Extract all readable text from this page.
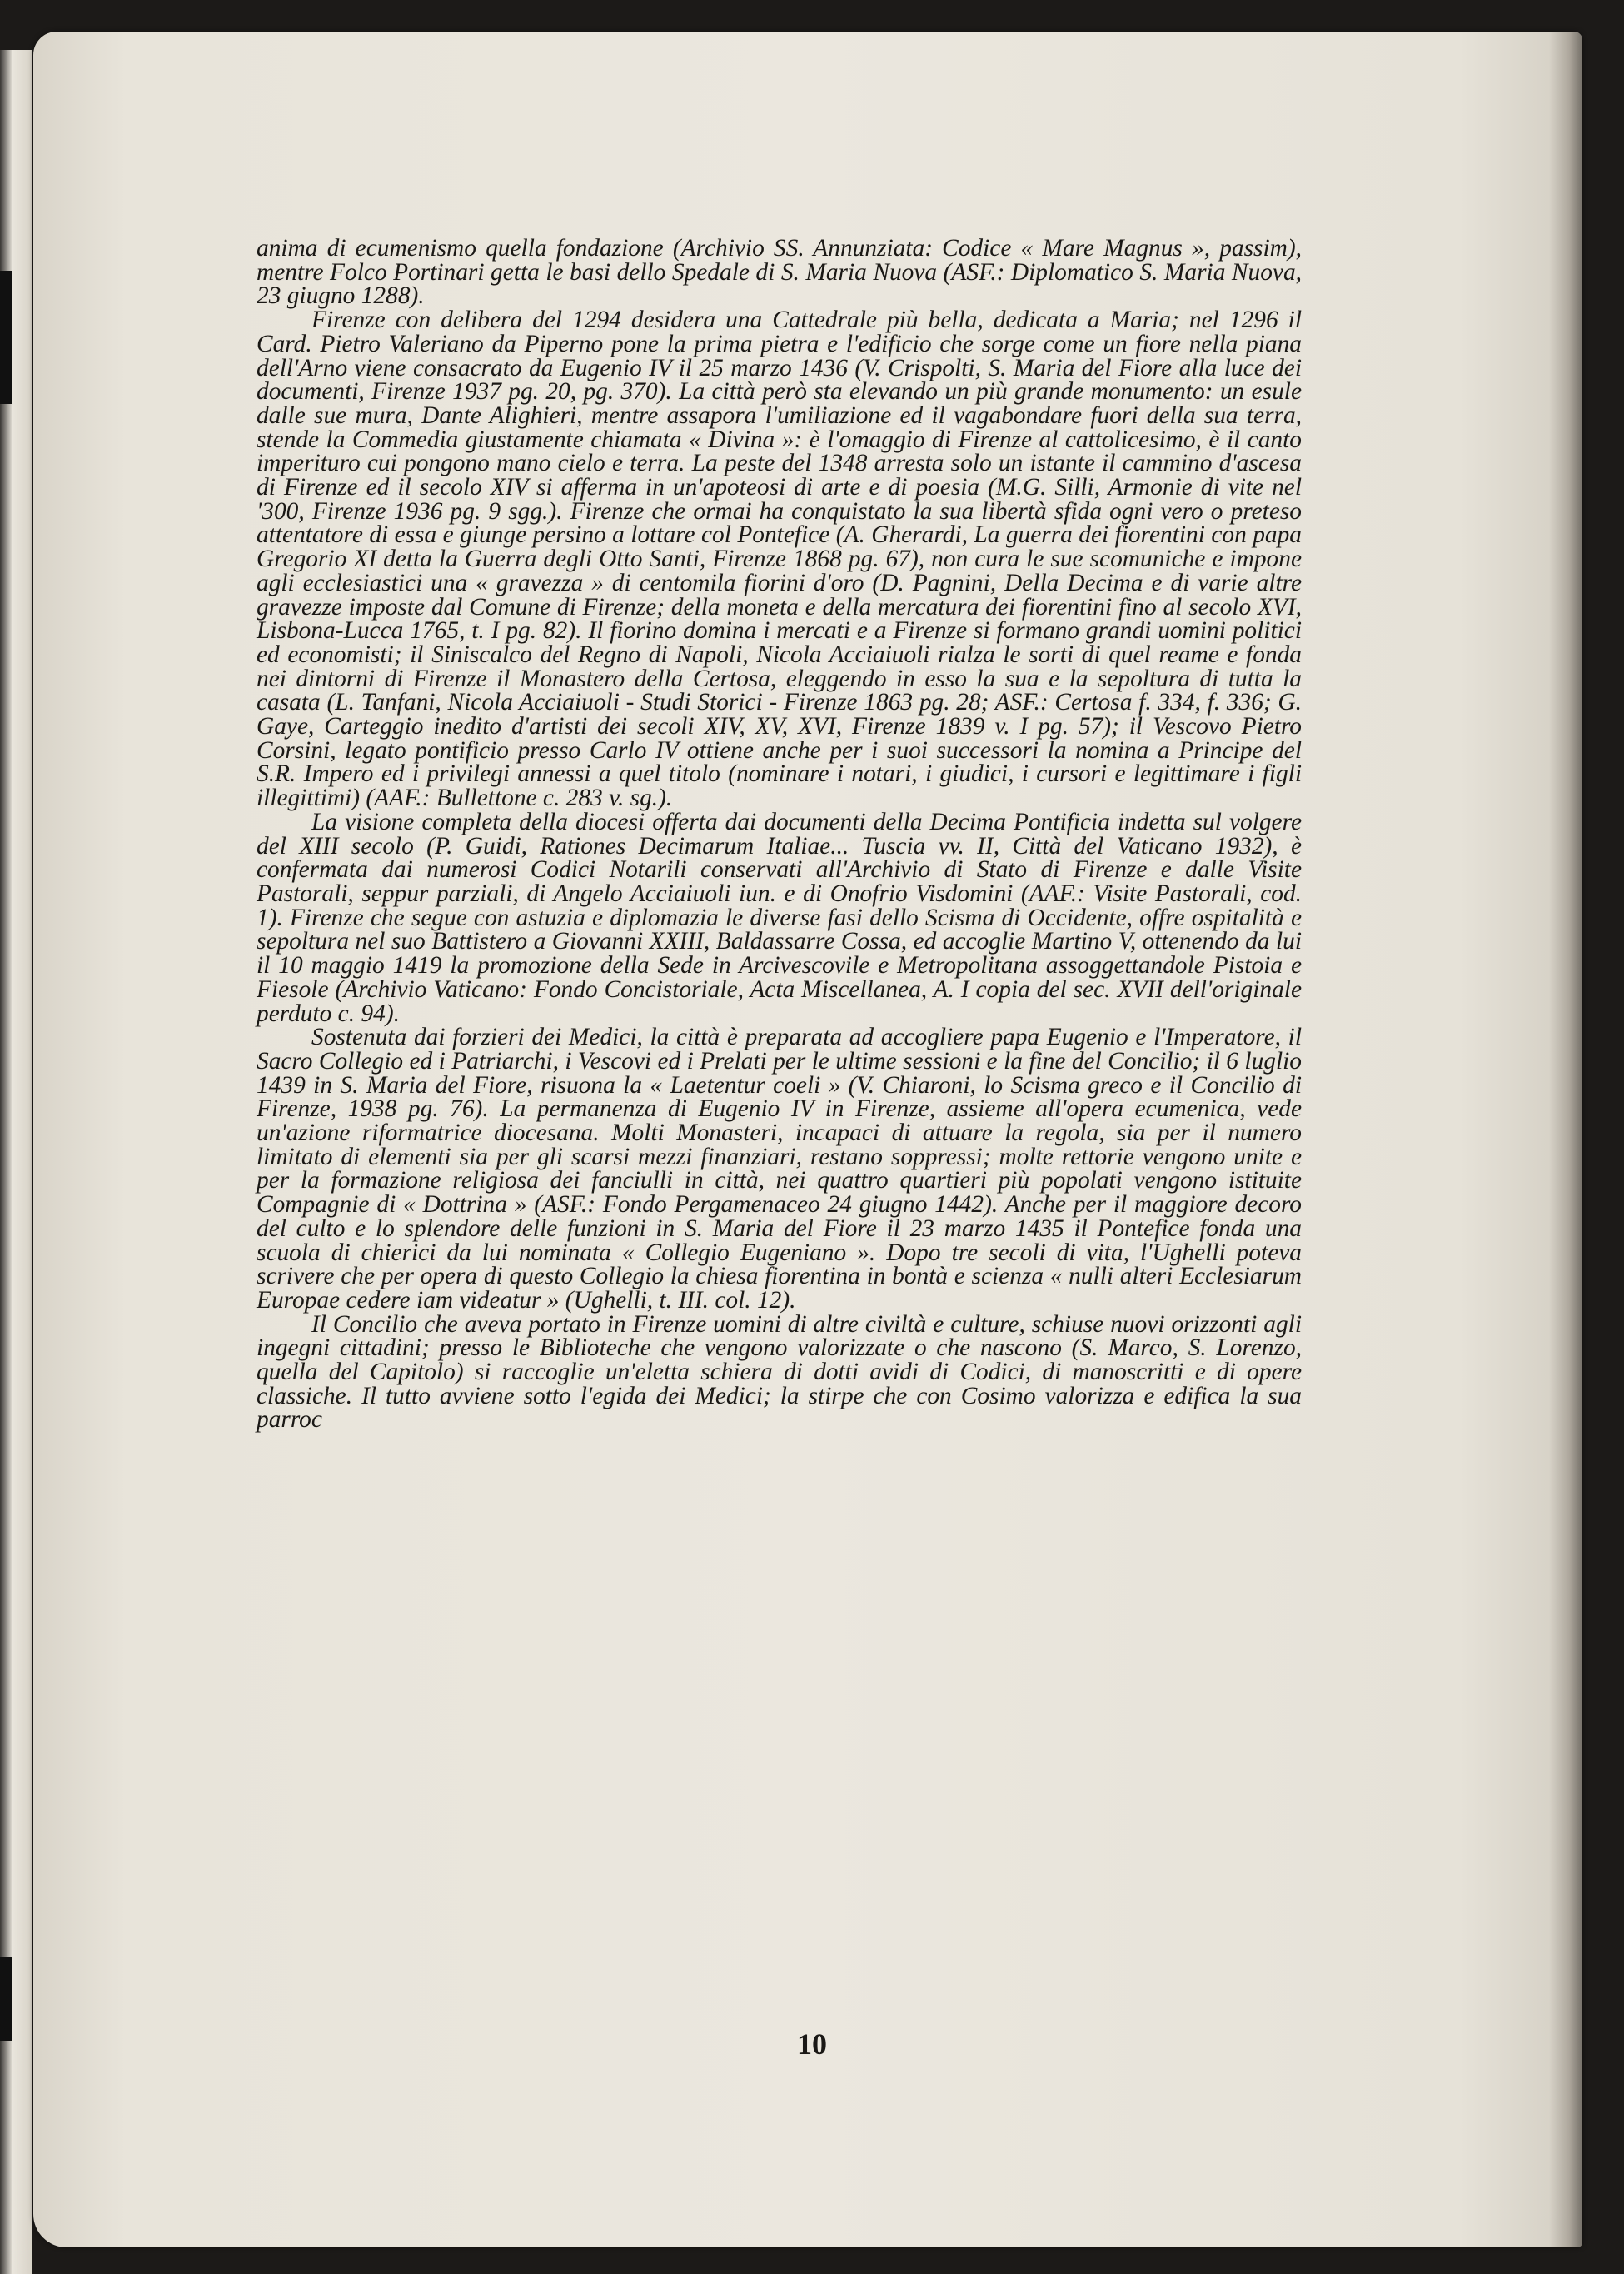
anima di ecumenismo quella fondazione (Archivio SS. Annunziata: Codice « Mare Magnus », passim), mentre Folco Portinari getta le basi dello Spedale di S. Maria Nuova (ASF.: Diplomatico S. Maria Nuova, 23 giugno 1288).

Firenze con delibera del 1294 desidera una Cattedrale più bella, dedicata a Maria; nel 1296 il Card. Pietro Valeriano da Piperno pone la prima pietra e l'edificio che sorge come un fiore nella piana dell'Arno viene consacrato da Eugenio IV il 25 marzo 1436 (V. Crispolti, S. Maria del Fiore alla luce dei documenti, Firenze 1937 pg. 20, pg. 370). La città però sta elevando un più grande monumento: un esule dalle sue mura, Dante Alighieri, mentre assapora l'umiliazione ed il vagabondare fuori della sua terra, stende la Commedia giustamente chiamata « Divina »: è l'omaggio di Firenze al cattolicesimo, è il canto imperituro cui pongono mano cielo e terra. La peste del 1348 arresta solo un istante il cammino d'ascesa di Firenze ed il secolo XIV si afferma in un'apoteosi di arte e di poesia (M.G. Silli, Armonie di vite nel '300, Firenze 1936 pg. 9 sgg.). Firenze che ormai ha conquistato la sua libertà sfida ogni vero o preteso attentatore di essa e giunge persino a lottare col Pontefice (A. Gherardi, La guerra dei fiorentini con papa Gregorio XI detta la Guerra degli Otto Santi, Firenze 1868 pg. 67), non cura le sue scomuniche e impone agli ecclesiastici una « gravezza » di centomila fiorini d'oro (D. Pagnini, Della Decima e di varie altre gravezze imposte dal Comune di Firenze; della moneta e della mercatura dei fiorentini fino al secolo XVI, Lisbona-Lucca 1765, t. I pg. 82). Il fiorino domina i mercati e a Firenze si formano grandi uomini politici ed economisti; il Siniscalco del Regno di Napoli, Nicola Acciaiuoli rialza le sorti di quel reame e fonda nei dintorni di Firenze il Monastero della Certosa, eleggendo in esso la sua e la sepoltura di tutta la casata (L. Tanfani, Nicola Acciaiuoli - Studi Storici - Firenze 1863 pg. 28; ASF.: Certosa f. 334, f. 336; G. Gaye, Carteggio inedito d'artisti dei secoli XIV, XV, XVI, Firenze 1839 v. I pg. 57); il Vescovo Pietro Corsini, legato pontificio presso Carlo IV ottiene anche per i suoi successori la nomina a Principe del S.R. Impero ed i privilegi annessi a quel titolo (nominare i notari, i giudici, i cursori e legittimare i figli illegittimi) (AAF.: Bullettone c. 283 v. sg.).

La visione completa della diocesi offerta dai documenti della Decima Pontificia indetta sul volgere del XIII secolo (P. Guidi, Rationes Decimarum Italiae... Tuscia vv. II, Città del Vaticano 1932), è confermata dai numerosi Codici Notarili conservati all'Archivio di Stato di Firenze e dalle Visite Pastorali, seppur parziali, di Angelo Acciaiuoli iun. e di Onofrio Visdomini (AAF.: Visite Pastorali, cod. 1). Firenze che segue con astuzia e diplomazia le diverse fasi dello Scisma di Occidente, offre ospitalità e sepoltura nel suo Battistero a Giovanni XXIII, Baldassarre Cossa, ed accoglie Martino V, ottenendo da lui il 10 maggio 1419 la promozione della Sede in Arcivescovile e Metropolitana assoggettandole Pistoia e Fiesole (Archivio Vaticano: Fondo Concistoriale, Acta Miscellanea, A. I copia del sec. XVII dell'originale perduto c. 94).

Sostenuta dai forzieri dei Medici, la città è preparata ad accogliere papa Eugenio e l'Imperatore, il Sacro Collegio ed i Patriarchi, i Vescovi ed i Prelati per le ultime sessioni e la fine del Concilio; il 6 luglio 1439 in S. Maria del Fiore, risuona la « Laetentur coeli » (V. Chiaroni, lo Scisma greco e il Concilio di Firenze, 1938 pg. 76). La permanenza di Eugenio IV in Firenze, assieme all'opera ecumenica, vede un'azione riformatrice diocesana. Molti Monasteri, incapaci di attuare la regola, sia per il numero limitato di elementi sia per gli scarsi mezzi finanziari, restano soppressi; molte rettorie vengono unite e per la formazione religiosa dei fanciulli in città, nei quattro quartieri più popolati vengono istituite Compagnie di « Dottrina » (ASF.: Fondo Pergamenaceo 24 giugno 1442). Anche per il maggiore decoro del culto e lo splendore delle funzioni in S. Maria del Fiore il 23 marzo 1435 il Pontefice fonda una scuola di chierici da lui nominata « Collegio Eugeniano ». Dopo tre secoli di vita, l'Ughelli poteva scrivere che per opera di questo Collegio la chiesa fiorentina in bontà e scienza « nulli alteri Ecclesiarum Europae cedere iam videatur » (Ughelli, t. III. col. 12).

Il Concilio che aveva portato in Firenze uomini di altre civiltà e culture, schiuse nuovi orizzonti agli ingegni cittadini; presso le Biblioteche che vengono valorizzate o che nascono (S. Marco, S. Lorenzo, quella del Capitolo) si raccoglie un'eletta schiera di dotti avidi di Codici, di manoscritti e di opere classiche. Il tutto avviene sotto l'egida dei Medici; la stirpe che con Cosimo valorizza e edifica la sua parroc

10
